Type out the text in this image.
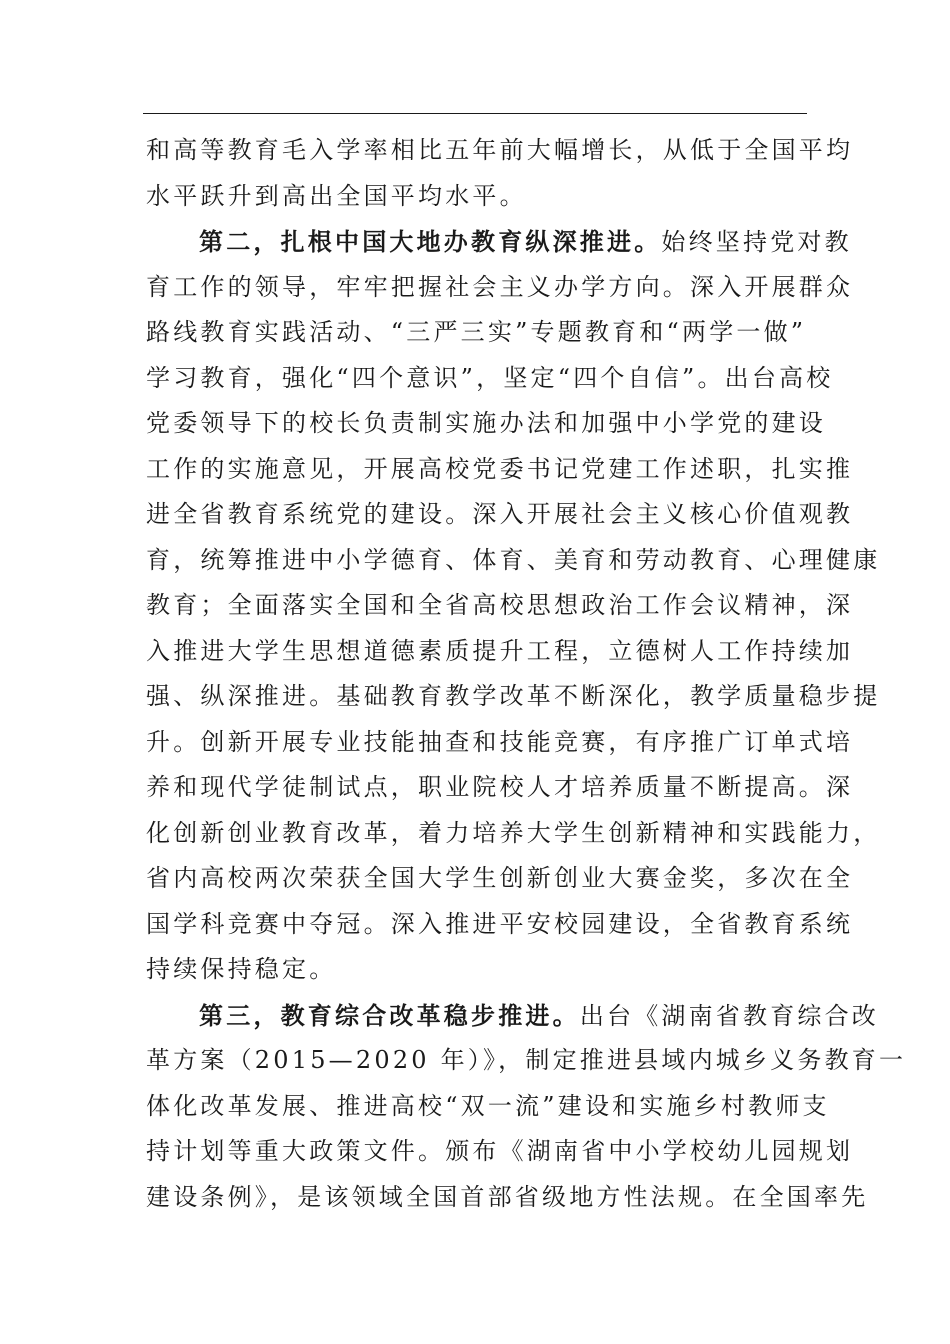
和高等教育毛入学率相比五年前大幅增长，从低于全国平均
水平跃升到高出全国平均水平。
第二，扎根中国大地办教育纵深推进。始终坚持党对教
育工作的领导，牢牢把握社会主义办学方向。深入开展群众
路线教育实践活动、“三严三实”专题教育和“两学一做”
学习教育，强化“四个意识”，坚定“四个自信”。出台高校
党委领导下的校长负责制实施办法和加强中小学党的建设
工作的实施意见，开展高校党委书记党建工作述职，扎实推
进全省教育系统党的建设。深入开展社会主义核心价值观教
育，统筹推进中小学德育、体育、美育和劳动教育、心理健康
教育；全面落实全国和全省高校思想政治工作会议精神，深
入推进大学生思想道德素质提升工程，立德树人工作持续加
强、纵深推进。基础教育教学改革不断深化，教学质量稳步提
升。创新开展专业技能抽查和技能竞赛，有序推广订单式培
养和现代学徒制试点，职业院校人才培养质量不断提高。深
化创新创业教育改革，着力培养大学生创新精神和实践能力，
省内高校两次荣获全国大学生创新创业大赛金奖，多次在全
国学科竞赛中夺冠。深入推进平安校园建设，全省教育系统
持续保持稳定。
第三，教育综合改革稳步推进。出台《湖南省教育综合改
革方案（2015—2020 年）》，制定推进县域内城乡义务教育一
体化改革发展、推进高校“双一流”建设和实施乡村教师支
持计划等重大政策文件。颁布《湖南省中小学校幼儿园规划
建设条例》，是该领域全国首部省级地方性法规。在全国率先
